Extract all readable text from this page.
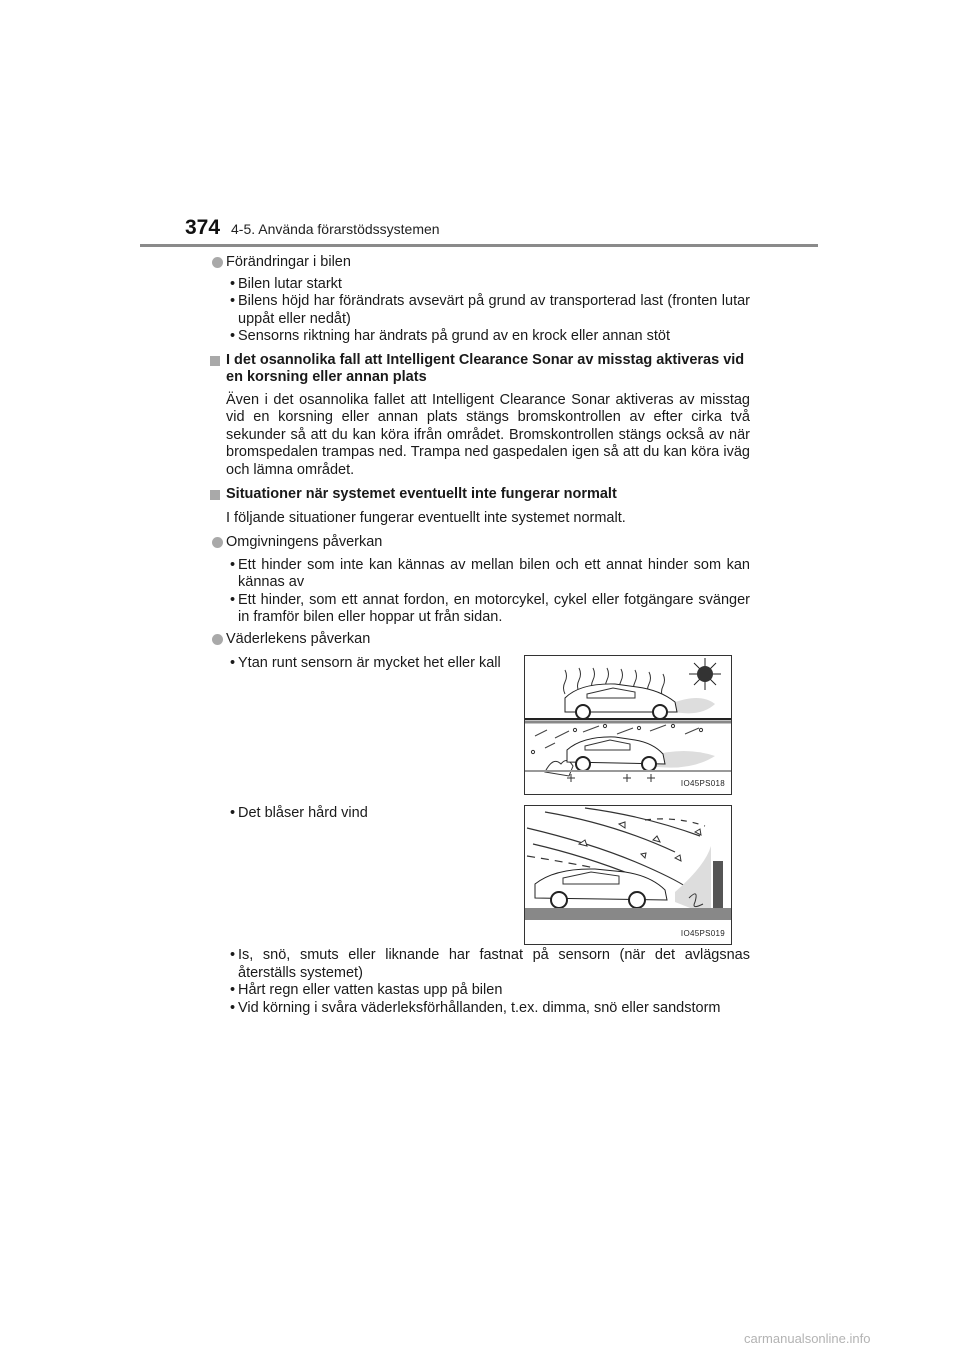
374 4-5. Använda förarstödssystemen
Förändringar i bilen
• Bilen lutar starkt
• Bilens höjd har förändrats avsevärt på grund av transporterad last (fronten lutar uppåt eller nedåt)
• Sensorns riktning har ändrats på grund av en krock eller annan stöt
I det osannolika fall att Intelligent Clearance Sonar av misstag aktiveras vid en korsning eller annan plats

Även i det osannolika fallet att Intelligent Clearance Sonar aktiveras av misstag vid en korsning eller annan plats stängs bromskontrollen av efter cirka två sekunder så att du kan köra ifrån området. Bromskontrollen stängs också av när bromspedalen trampas ned. Trampa ned gaspedalen igen så att du kan köra iväg och lämna området.

Situationer när systemet eventuellt inte fungerar normalt

I följande situationer fungerar eventuellt inte systemet normalt.

Omgivningens påverkan
• Ett hinder som inte kan kännas av mellan bilen och ett annat hinder som kan kännas av
• Ett hinder, som ett annat fordon, en motorcykel, cykel eller fotgängare svänger in framför bilen eller hoppar ut från sidan.
Väderlekens påverkan
• Ytan runt sensorn är mycket het eller kall
IO45PS018
• Det blåser hård vind
IO45PS019
• Is, snö, smuts eller liknande har fastnat på sensorn (när det avlägsnas återställs systemet)
• Hårt regn eller vatten kastas upp på bilen
• Vid körning i svåra väderleksförhållanden, t.ex. dimma, snö eller sandstorm
carmanualsonline.info
